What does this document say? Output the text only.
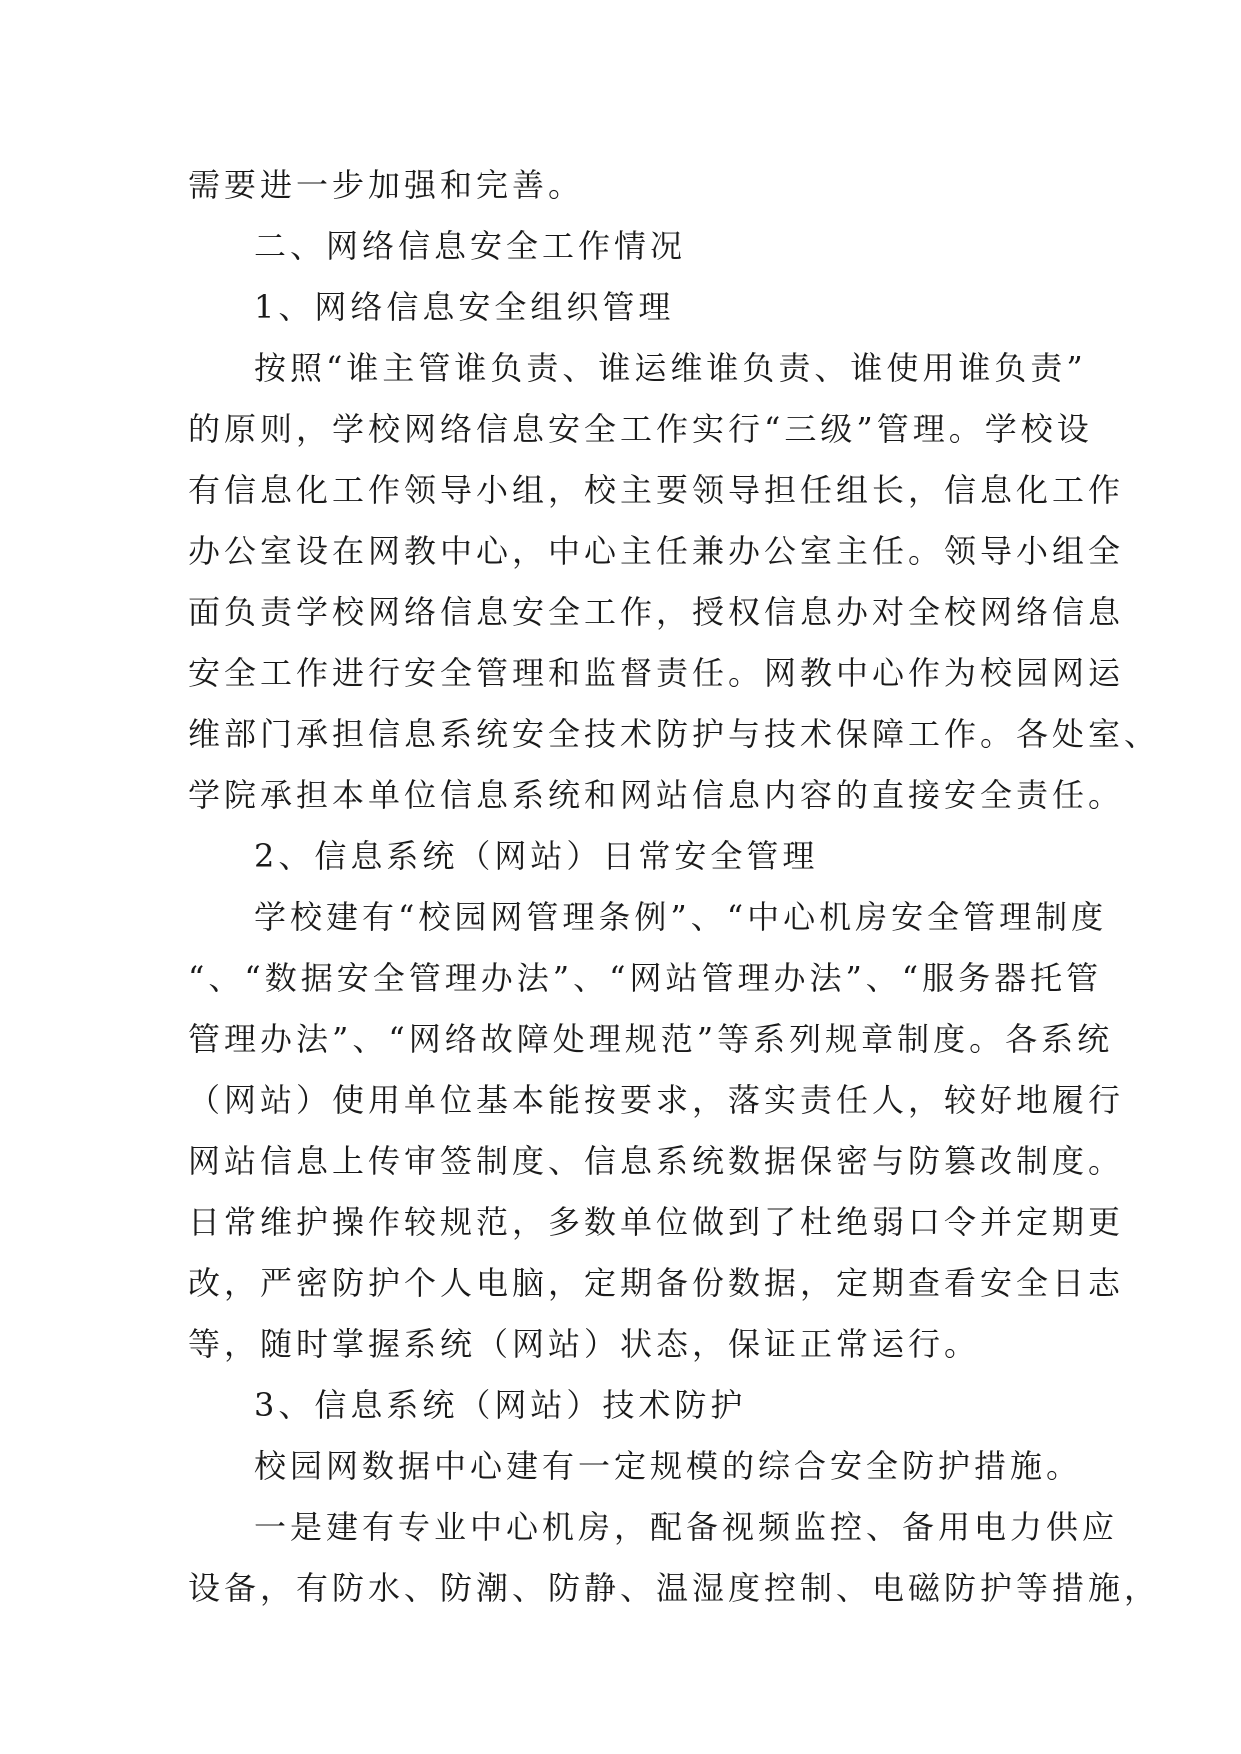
需要进一步加强和完善。
二、网络信息安全工作情况
1、网络信息安全组织管理
按照“谁主管谁负责、谁运维谁负责、谁使用谁负责”
的原则，学校网络信息安全工作实行“三级”管理。学校设
有信息化工作领导小组，校主要领导担任组长，信息化工作
办公室设在网教中心，中心主任兼办公室主任。领导小组全
面负责学校网络信息安全工作，授权信息办对全校网络信息
安全工作进行安全管理和监督责任。网教中心作为校园网运
维部门承担信息系统安全技术防护与技术保障工作。各处室、
学院承担本单位信息系统和网站信息内容的直接安全责任。
2、信息系统（网站）日常安全管理
学校建有“校园网管理条例”、“中心机房安全管理制度
“、“数据安全管理办法”、“网站管理办法”、“服务器托管
管理办法”、“网络故障处理规范”等系列规章制度。各系统
（网站）使用单位基本能按要求，落实责任人，较好地履行
网站信息上传审签制度、信息系统数据保密与防篡改制度。
日常维护操作较规范，多数单位做到了杜绝弱口令并定期更
改，严密防护个人电脑，定期备份数据，定期查看安全日志
等，随时掌握系统（网站）状态，保证正常运行。
3、信息系统（网站）技术防护
校园网数据中心建有一定规模的综合安全防护措施。
一是建有专业中心机房，配备视频监控、备用电力供应
设备，有防水、防潮、防静、温湿度控制、电磁防护等措施，
